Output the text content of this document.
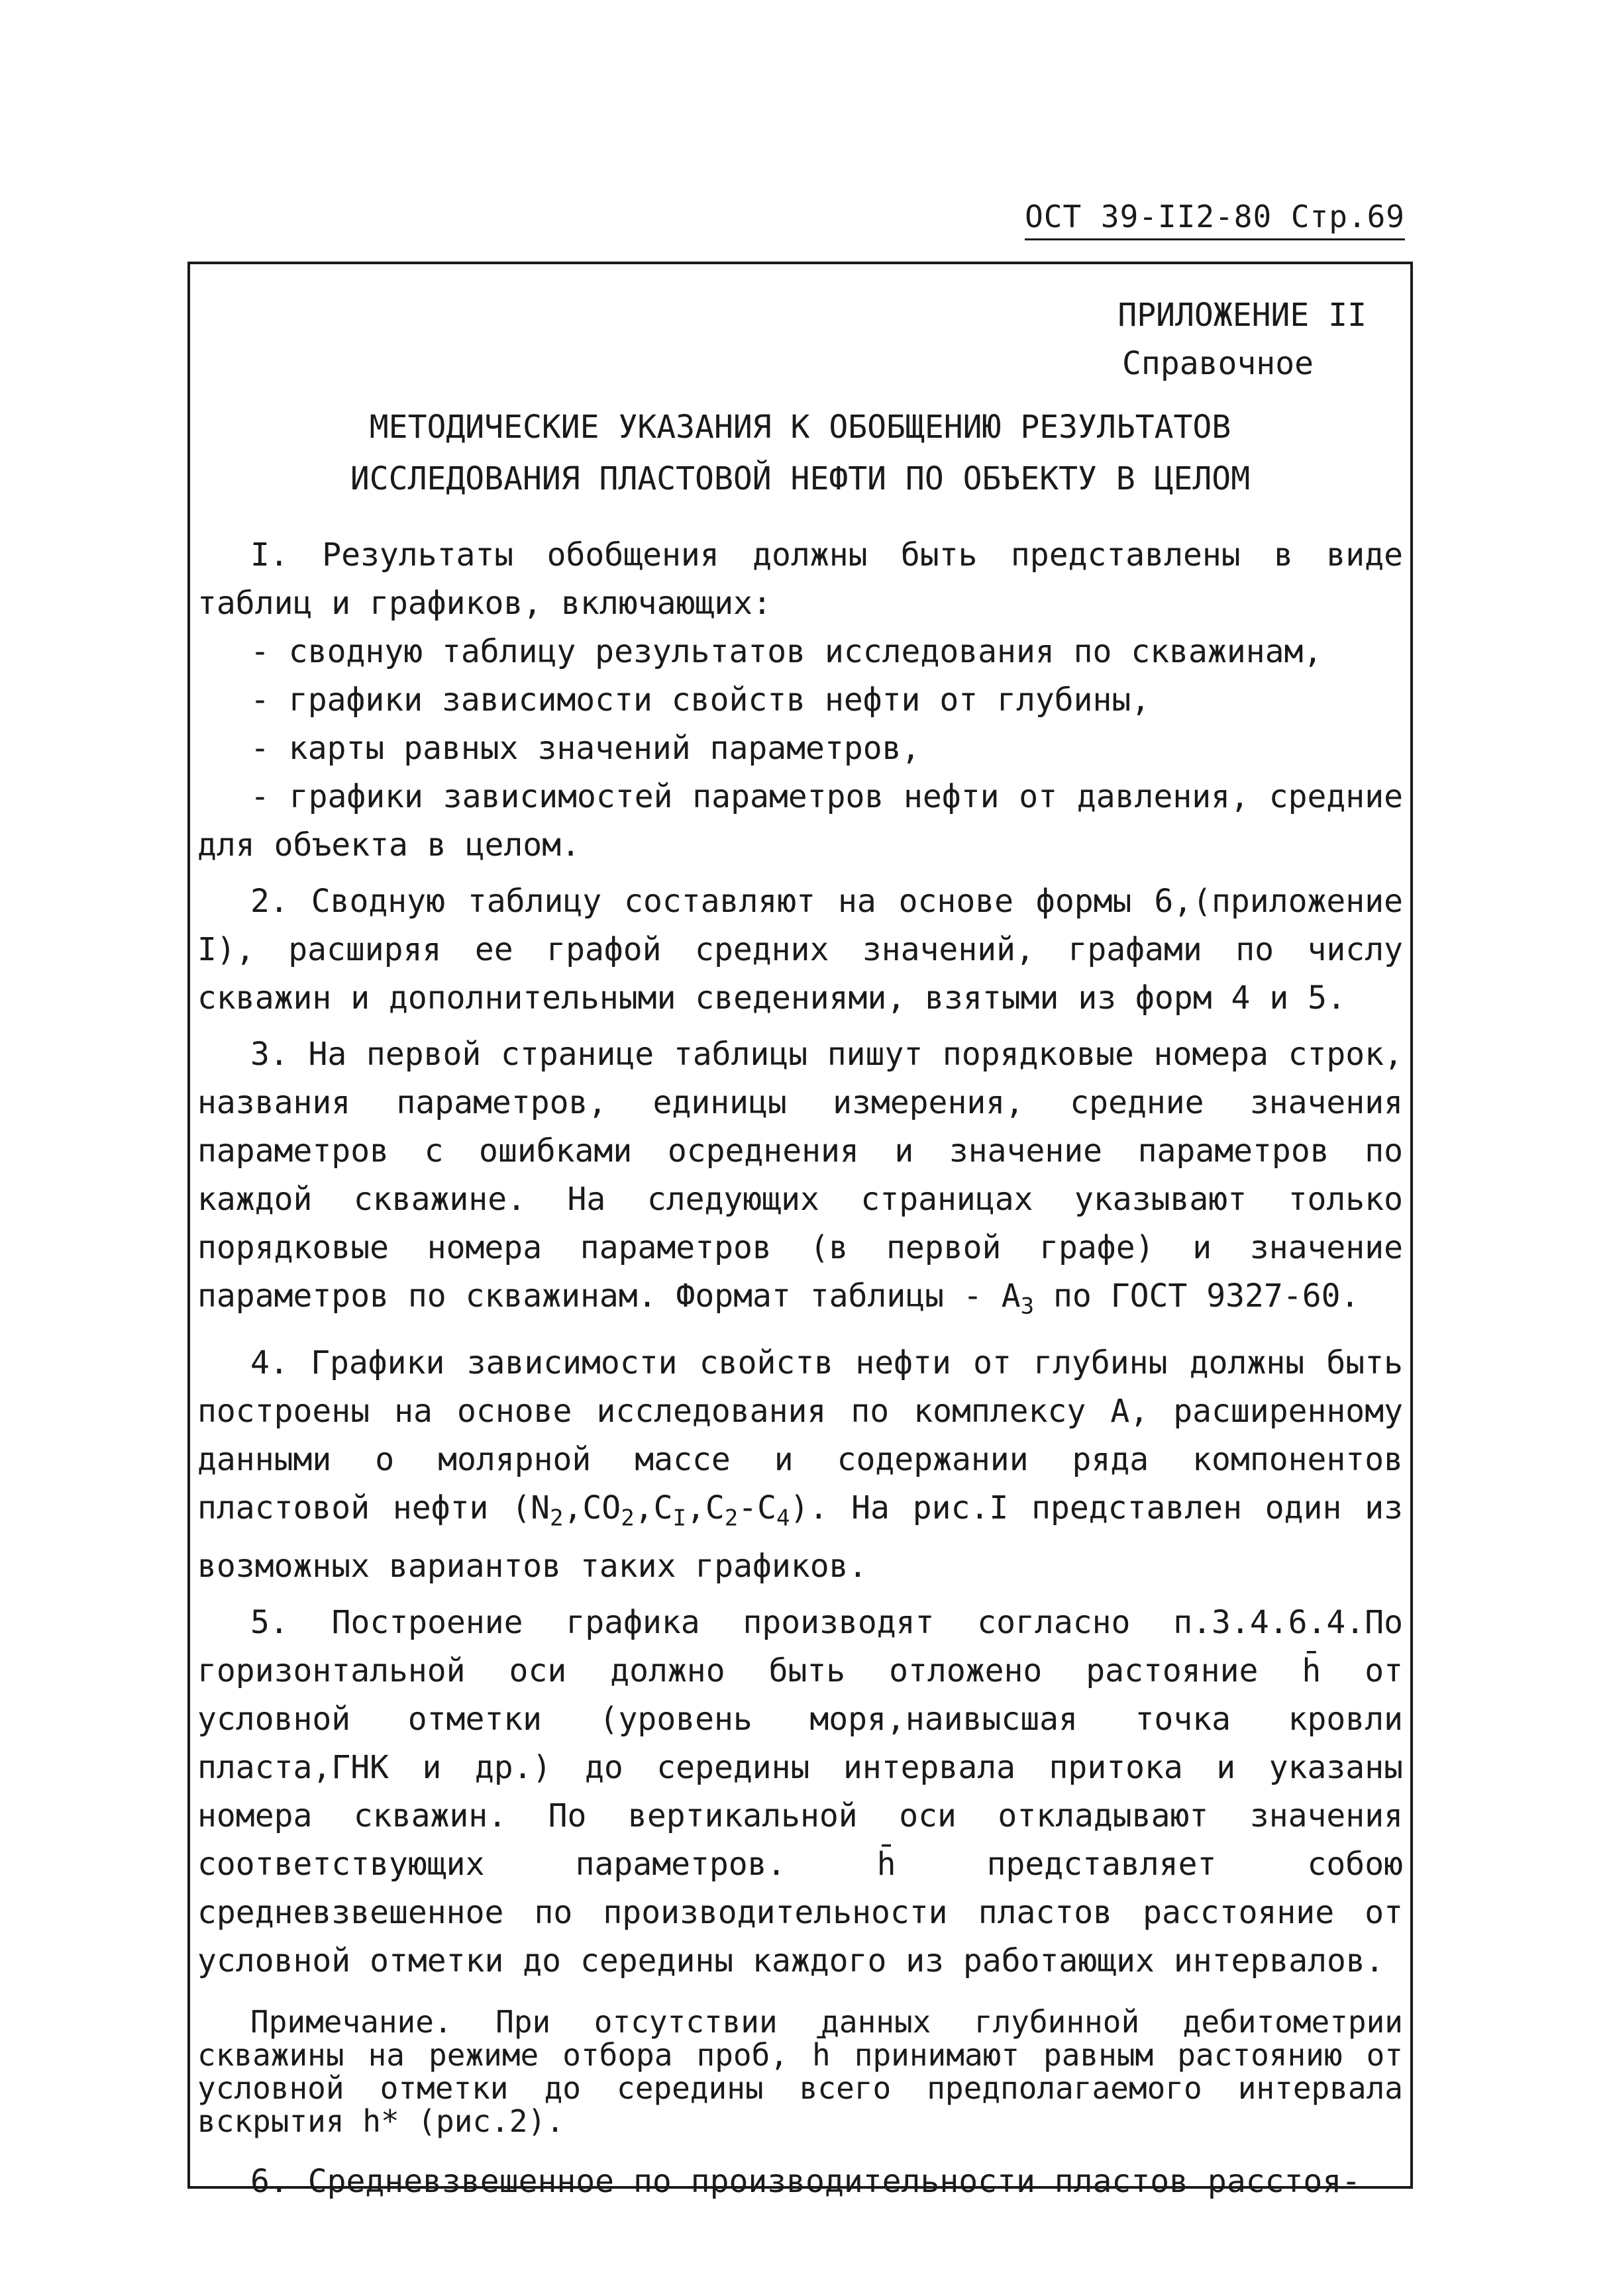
ОСТ 39-II2-80 Стр.69
ПРИЛОЖЕНИЕ II

Справочное
МЕТОДИЧЕСКИЕ УКАЗАНИЯ К ОБОБЩЕНИЮ РЕЗУЛЬТАТОВ
ИССЛЕДОВАНИЯ ПЛАСТОВОЙ НЕФТИ ПО ОБЪЕКТУ В ЦЕЛОМ
I. Результаты обобщения должны быть представлены в виде таблиц и графиков, включающих:
- сводную таблицу результатов исследования по скважинам,
- графики зависимости свойств нефти от глубины,
- карты равных значений параметров,
- графики зависимостей параметров нефти от давления, средние для объекта в целом.
2. Сводную таблицу составляют на основе формы 6,(приложение I), расширяя ее графой средних значений, графами по числу скважин и дополнительными сведениями, взятыми из форм 4 и 5.
3. На первой странице таблицы пишут порядковые номера строк, названия параметров, единицы измерения, средние значения параметров с ошибками осреднения и значение параметров по каждой скважине. На следующих страницах указывают только порядковые номера параметров (в первой графе) и значение параметров по скважинам. Формат таблицы - $А_3$ по ГОСТ 9327-60.
4. Графики зависимости свойств нефти от глубины должны быть построены на основе исследования по комплексу А, расширенному данными о молярной массе и содержании ряда компонентов пластовой нефти $(N_2,CO_2,C_I,C_2-C_4)$. На рис.I представлен один из возможных вариантов таких графиков.
5. Построение графика производят согласно п.3.4.6.4.По горизонтальной оси должно быть отложено растояние h̄ от условной отметки (уровень моря,наивысшая точка кровли пласта,ГНК и др.) до середины интервала притока и указаны номера скважин. По вертикальной оси откладывают значения соответствующих параметров. h̄ представляет собою средневзвешенное по производительности пластов расстояние от условной отметки до середины каждого из работающих интервалов.
Примечание. При отсутствии данных глубинной дебитометрии скважины на режиме отбора проб, h̄ принимают равным растоянию от условной отметки до середины всего предполагаемого интервала вскрытия h* (рис.2).
6. Средневзвешенное по производительности пластов расстоя-
